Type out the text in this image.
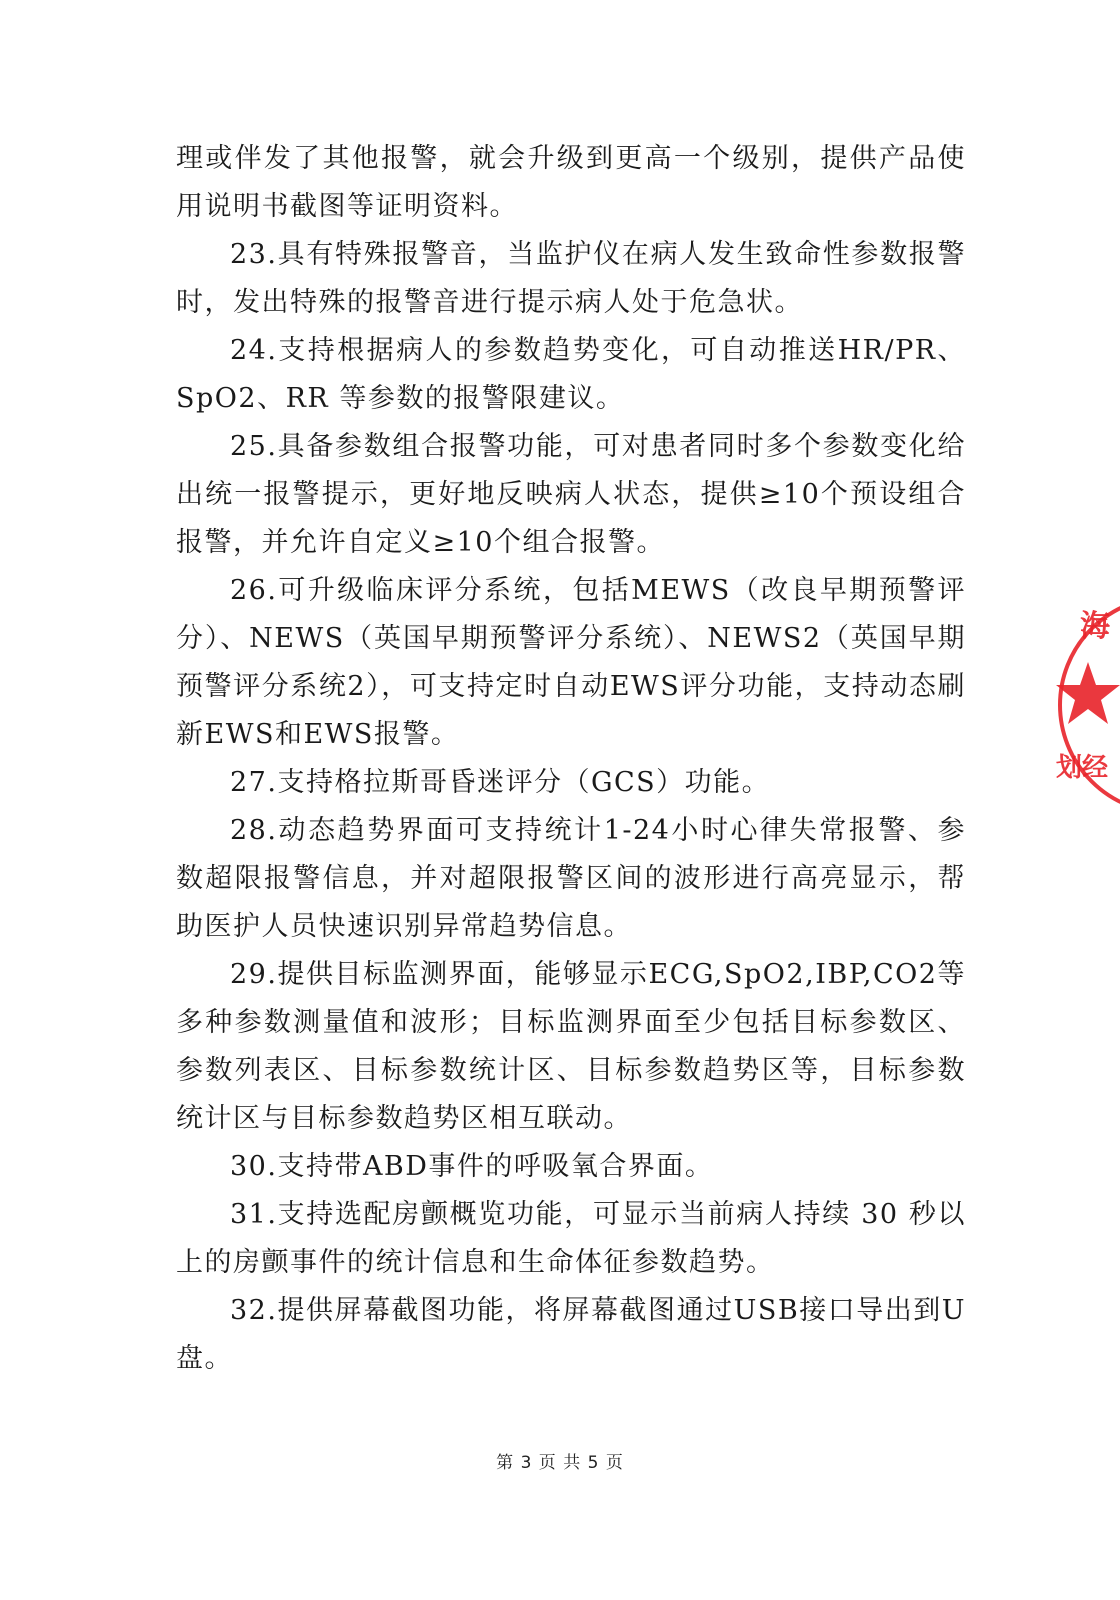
理或伴发了其他报警，就会升级到更高一个级别，提供产品使用说明书截图等证明资料。

23.具有特殊报警音，当监护仪在病人发生致命性参数报警时，发出特殊的报警音进行提示病人处于危急状。

24.支持根据病人的参数趋势变化，可自动推送HR/PR、SpO2、RR 等参数的报警限建议。

25.具备参数组合报警功能，可对患者同时多个参数变化给出统一报警提示，更好地反映病人状态，提供≥10个预设组合报警，并允许自定义≥10个组合报警。

26.可升级临床评分系统，包括MEWS（改良早期预警评分）、NEWS（英国早期预警评分系统）、NEWS2（英国早期预警评分系统2），可支持定时自动EWS评分功能，支持动态刷新EWS和EWS报警。

27.支持格拉斯哥昏迷评分（GCS）功能。

28.动态趋势界面可支持统计1-24小时心律失常报警、参数超限报警信息，并对超限报警区间的波形进行高亮显示，帮助医护人员快速识别异常趋势信息。

29.提供目标监测界面，能够显示ECG,SpO2,IBP,CO2等多种参数测量值和波形；目标监测界面至少包括目标参数区、参数列表区、目标参数统计区、目标参数趋势区等，目标参数统计区与目标参数趋势区相互联动。

30.支持带ABD事件的呼吸氧合界面。

31.支持选配房颤概览功能，可显示当前病人持续 30 秒以上的房颤事件的统计信息和生命体征参数趋势。

32.提供屏幕截图功能，将屏幕截图通过USB接口导出到U盘。

第 3 页 共 5 页
海
划经
